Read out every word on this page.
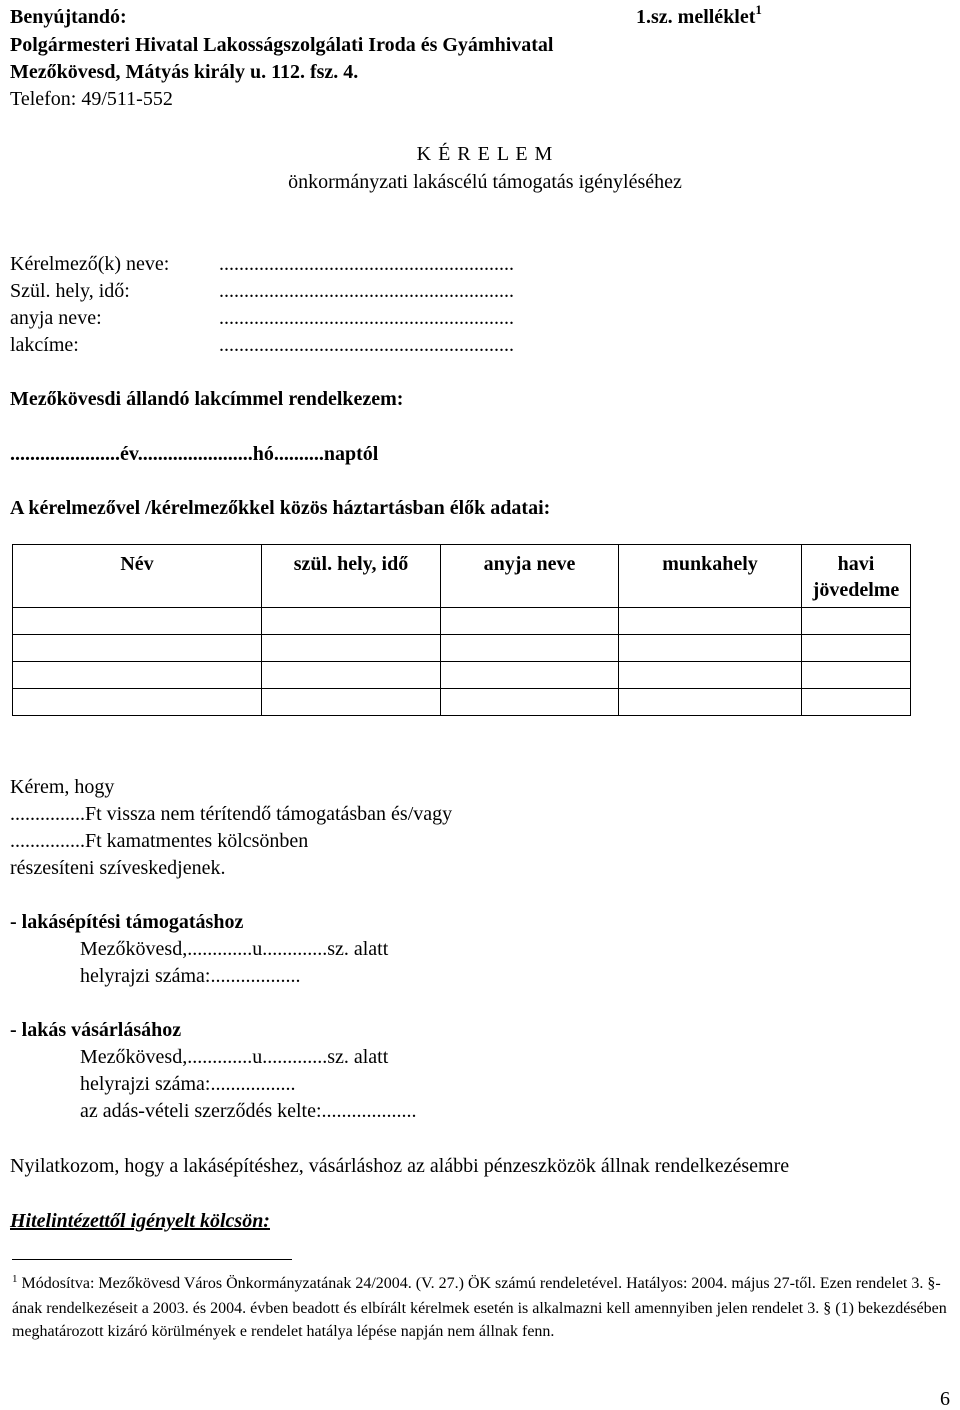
Benyújtandó:	1.sz. melléklet$^1$
Polgármesteri Hivatal Lakosságszolgálati Iroda és Gyámhivatal
Mezőkövesd, Mátyás király u. 112. fsz. 4.
Telefon: 49/511-552
K É R E L E M
önkormányzati lakáscélú támogatás igényléséhez
Kérelmező(k) neve: ...........................................................
Szül. hely, idő:	...........................................................
anyja neve:	...........................................................
lakcíme:	...........................................................
Mezőkövesdi állandó lakcímmel rendelkezem:
......................év.......................hó..........naptól
A kérelmezővel /kérelmezőkkel közös háztartásban élők adatai:
Név	szül. hely, idő	anyja neve	munkahely	havi jövedelme

Kérem, hogy
...............Ft vissza nem térítendő támogatásban és/vagy
...............Ft kamatmentes kölcsönben
részesíteni szíveskedjenek.
- lakásépítési támogatáshoz
Mezőkövesd,.............u.............sz. alatt
helyrajzi száma:..................
- lakás vásárlásához
Mezőkövesd,.............u.............sz. alatt
helyrajzi száma:.................
az adás-vételi szerződés kelte:...................
Nyilatkozom, hogy a lakásépítéshez, vásárláshoz az alábbi pénzeszközök állnak rendelkezésemre
Hitelintézettől igényelt kölcsön:
$^1$ Módosítva: Mezőkövesd Város Önkormányzatának 24/2004. (V. 27.) ÖK számú rendeletével. Hatályos: 2004. május 27-től. Ezen rendelet 3. §-ának rendelkezéseit a 2003. és 2004. évben beadott és elbírált kérelmek esetén is alkalmazni kell amennyiben jelen rendelet 3. § (1) bekezdésében meghatározott kizáró körülmények e rendelet hatálya lépése napján nem állnak fenn.
6
